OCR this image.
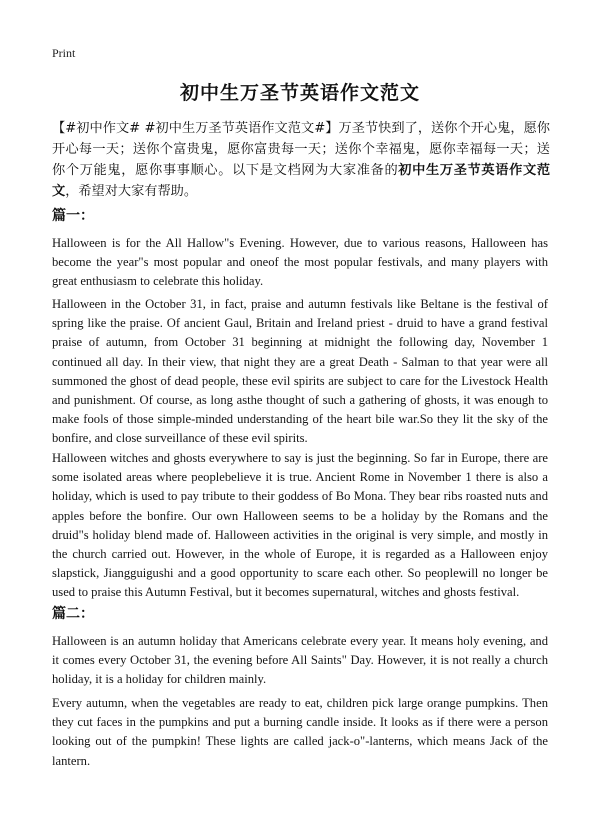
Print
初中生万圣节英语作文范文
【#初中作文# #初中生万圣节英语作文范文#】万圣节快到了，送你个开心鬼，愿你开心每一天；送你个富贵鬼，愿你富贵每一天；送你个幸福鬼，愿你幸福每一天；送你个万能鬼，愿你事事顺心。以下是文档网为大家准备的初中生万圣节英语作文范文，希望对大家有帮助。
篇一：
Halloween is for the All Hallow"s Evening. However, due to various reasons, Halloween has become the year"s most popular and oneof the most popular festivals, and many players with great enthusiasm to celebrate this holiday.
Halloween in the October 31, in fact, praise and autumn festivals like Beltane is the festival of spring like the praise. Of ancient Gaul, Britain and Ireland priest - druid to have a grand festival praise of autumn, from October 31 beginning at midnight the following day, November 1 continued all day. In their view, that night they are a great Death - Salman to that year were all summoned the ghost of dead people, these evil spirits are subject to care for the Livestock Health and punishment. Of course, as long asthe thought of such a gathering of ghosts, it was enough to make fools of those simple-minded understanding of the heart bile war.So they lit the sky of the bonfire, and close surveillance of these evil spirits.
Halloween witches and ghosts everywhere to say is just the beginning. So far in Europe, there are some isolated areas where peoplebelieve it is true. Ancient Rome in November 1 there is also a holiday, which is used to pay tribute to their goddess of Bo Mona. They bear ribs roasted nuts and apples before the bonfire. Our own Halloween seems to be a holiday by the Romans and the druid"s holiday blend made of. Halloween activities in the original is very simple, and mostly in the church carried out. However, in the whole of Europe, it is regarded as a Halloween enjoy slapstick, Jiangguigushi and a good opportunity to scare each other. So peoplewill no longer be used to praise this Autumn Festival, but it becomes supernatural, witches and ghosts festival.
篇二：
Halloween is an autumn holiday that Americans celebrate every year. It means holy evening, and it comes every October 31, the evening before All Saints" Day. However, it is not really a church holiday, it is a holiday for children mainly.
Every autumn, when the vegetables are ready to eat, children pick large orange pumpkins. Then they cut faces in the pumpkins and put a burning candle inside. It looks as if there were a person looking out of the pumpkin! These lights are called jack-o"-lanterns, which means Jack of the lantern.
